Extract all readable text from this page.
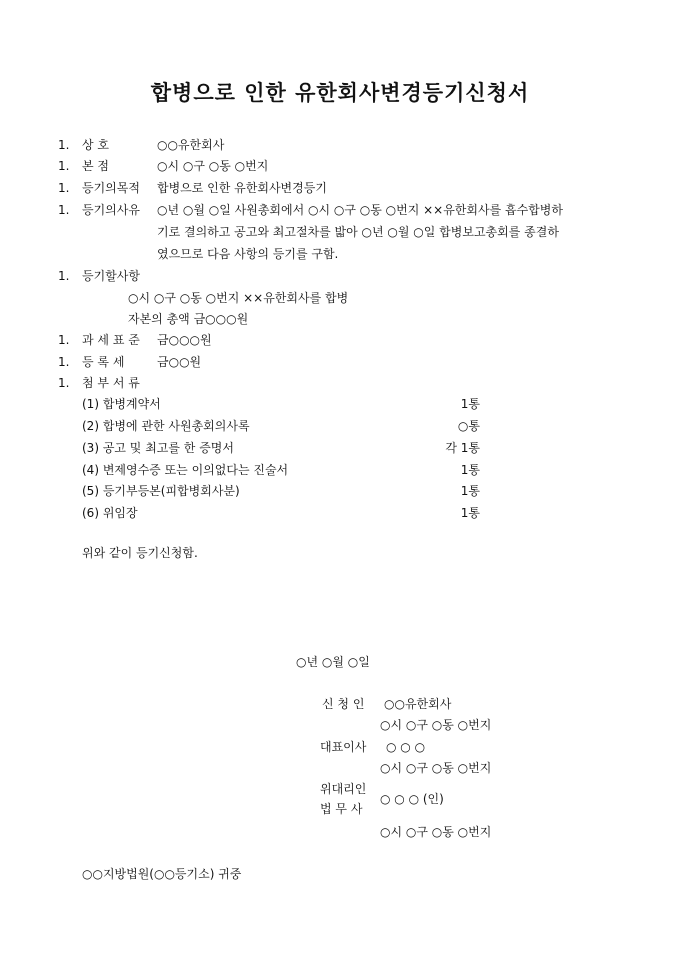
합병으로 인한 유한회사변경등기신청서
1. 상 호	○○유한회사
1. 본 점	○시 ○구 ○동 ○번지
1. 등기의목적 합병으로 인한 유한회사변경등기
1. 등기의사유 ○년 ○월 ○일 사원총회에서 ○시 ○구 ○동 ○번지 ××유한회사를 흡수합병하
기로 결의하고 공고와 최고절차를 밟아 ○년 ○월 ○일 합병보고총회를 종결하
였으므로 다음 사항의 등기를 구함.
1. 등기할사항
○시 ○구 ○동 ○번지 ××유한회사를 합병
자본의 총액 금○○○원
1. 과 세 표 준 금○○○원
1. 등 록 세	금○○원
1. 첨 부 서 류
(1) 합병계약서	1통
(2) 합병에 관한 사원총회의사록	○통
(3) 공고 및 최고를 한 증명서	각 1통
(4) 변제영수증 또는 이의없다는 진술서	1통
(5) 등기부등본(피합병회사분)	1통
(6) 위임장	1통
위와 같이 등기신청함.
○년 ○월 ○일
신 청 인 ○○유한회사
○시 ○구 ○동 ○번지
대표이사 ○ ○ ○
○시 ○구 ○동 ○번지
위대리인
법 무 사
○ ○ ○ (인)
○시 ○구 ○동 ○번지
○○지방법원(○○등기소) 귀중
